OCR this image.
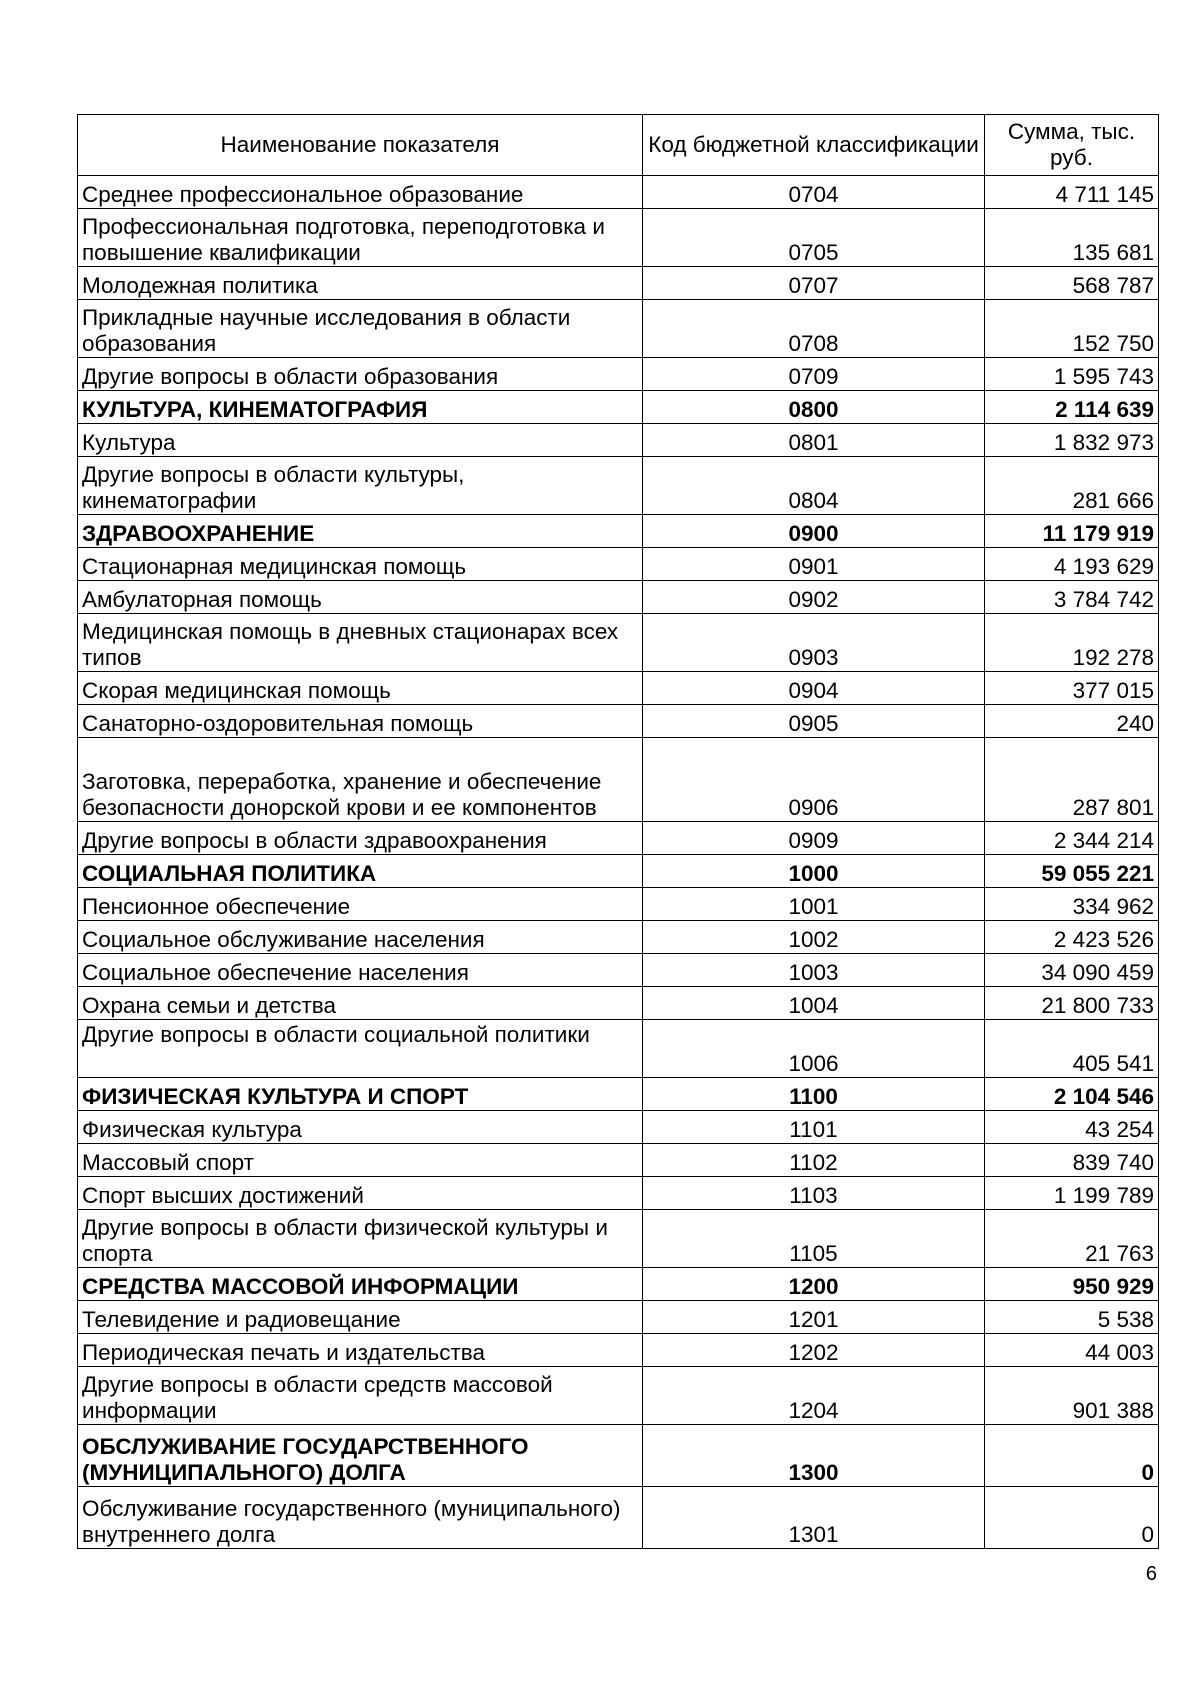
Наименование показателя	Код бюджетной классификации	Сумма, тыс. руб.
Среднее профессиональное образование	0704	4 711 145
Профессиональная подготовка, переподготовка и повышение квалификации	0705	135 681
Молодежная политика	0707	568 787
Прикладные научные исследования в области образования	0708	152 750
Другие вопросы в области образования	0709	1 595 743
КУЛЬТУРА, КИНЕМАТОГРАФИЯ	0800	2 114 639
Культура	0801	1 832 973
Другие вопросы в области культуры, кинематографии	0804	281 666
ЗДРАВООХРАНЕНИЕ	0900	11 179 919
Стационарная медицинская помощь	0901	4 193 629
Амбулаторная помощь	0902	3 784 742
Медицинская помощь в дневных стационарах всех типов	0903	192 278
Скорая медицинская помощь	0904	377 015
Санаторно-оздоровительная помощь	0905	240
Заготовка, переработка, хранение и обеспечение безопасности донорской крови и ее компонентов	0906	287 801
Другие вопросы в области здравоохранения	0909	2 344 214
СОЦИАЛЬНАЯ ПОЛИТИКА	1000	59 055 221
Пенсионное обеспечение	1001	334 962
Социальное обслуживание населения	1002	2 423 526
Социальное обеспечение населения	1003	34 090 459
Охрана семьи и детства	1004	21 800 733
Другие вопросы в области социальной политики	1006	405 541
ФИЗИЧЕСКАЯ КУЛЬТУРА И СПОРТ	1100	2 104 546
Физическая культура	1101	43 254
Массовый спорт	1102	839 740
Спорт высших достижений	1103	1 199 789
Другие вопросы в области физической культуры и спорта	1105	21 763
СРЕДСТВА МАССОВОЙ ИНФОРМАЦИИ	1200	950 929
Телевидение и радиовещание	1201	5 538
Периодическая печать и издательства	1202	44 003
Другие вопросы в области средств массовой информации	1204	901 388
ОБСЛУЖИВАНИЕ ГОСУДАРСТВЕННОГО (МУНИЦИПАЛЬНОГО) ДОЛГА	1300	0
Обслуживание государственного (муниципального) внутреннего долга	1301	0
6
